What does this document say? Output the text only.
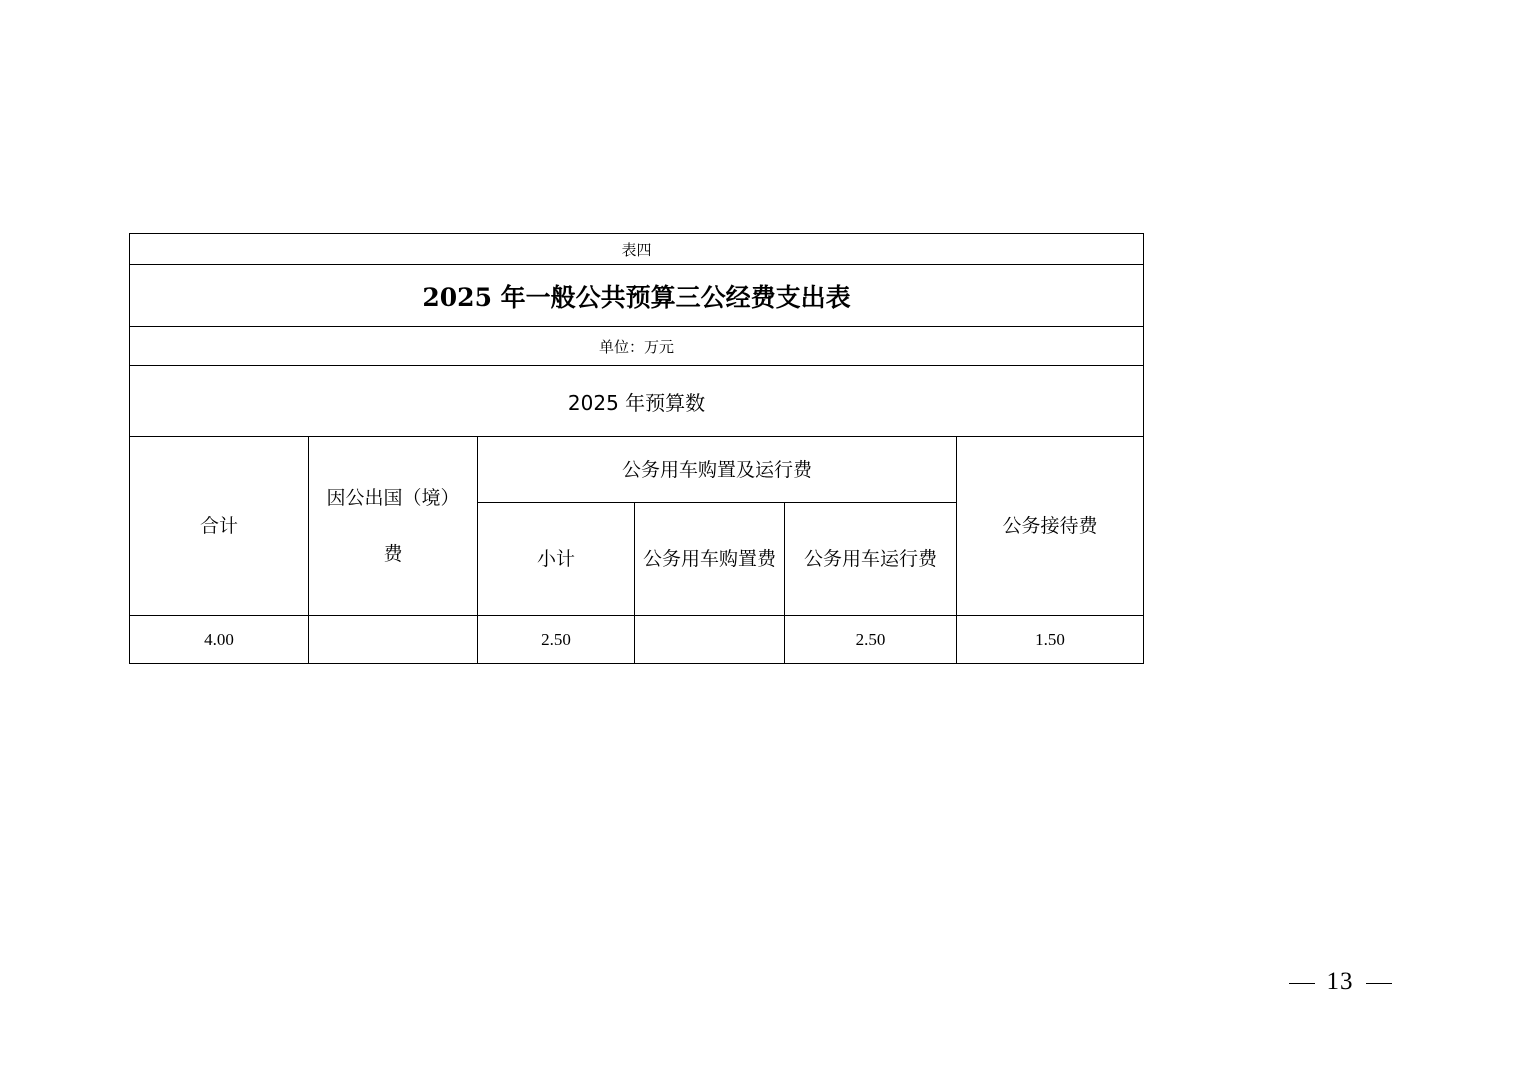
表四					
2025 年一般公共预算三公经费支出表					
单位：万元					
2025 年预算数					
合计	因公出国（境）费	公务用车购置及运行费			公务接待费
		小计	公务用车购置费	公务用车运行费	
4.00		2.50		2.50	1.50
13
